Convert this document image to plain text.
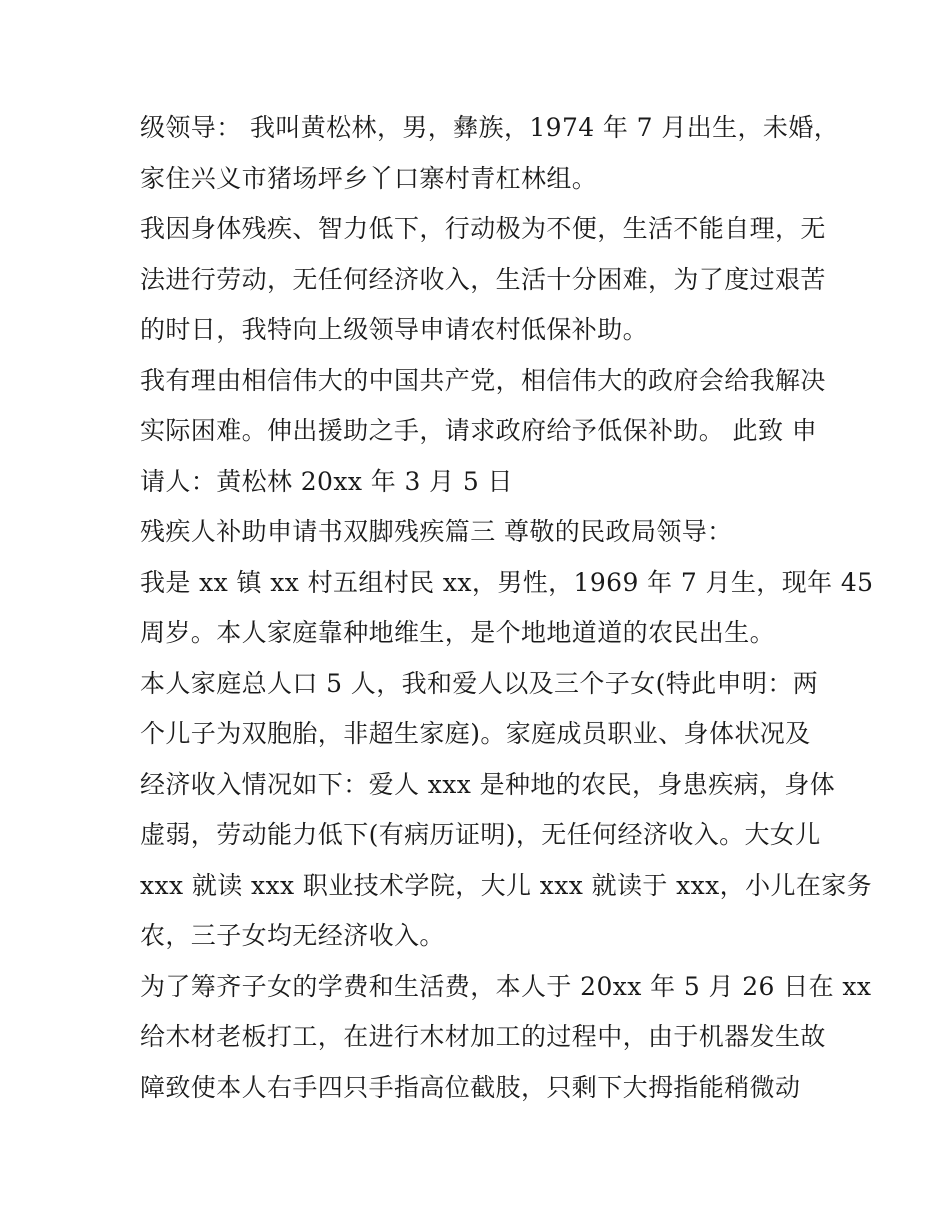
级领导： 我叫黄松林，男，彝族，1974 年 7 月出生，未婚，
家住兴义市猪场坪乡丫口寨村青杠林组。
我因身体残疾、智力低下，行动极为不便，生活不能自理，无
法进行劳动，无任何经济收入，生活十分困难，为了度过艰苦
的时日，我特向上级领导申请农村低保补助。
我有理由相信伟大的中国共产党，相信伟大的政府会给我解决
实际困难。伸出援助之手，请求政府给予低保补助。 此致 申
请人：黄松林 20xx 年 3 月 5 日
残疾人补助申请书双脚残疾篇三 尊敬的民政局领导：
我是 xx 镇 xx 村五组村民 xx，男性，1969 年 7 月生，现年 45
周岁。本人家庭靠种地维生，是个地地道道的农民出生。
本人家庭总人口 5 人，我和爱人以及三个子女(特此申明：两
个儿子为双胞胎，非超生家庭)。家庭成员职业、身体状况及
经济收入情况如下：爱人 xxx 是种地的农民，身患疾病，身体
虚弱，劳动能力低下(有病历证明)，无任何经济收入。大女儿
xxx 就读 xxx 职业技术学院，大儿 xxx 就读于 xxx，小儿在家务
农，三子女均无经济收入。
为了筹齐子女的学费和生活费，本人于 20xx 年 5 月 26 日在 xx
给木材老板打工，在进行木材加工的过程中，由于机器发生故
障致使本人右手四只手指高位截肢，只剩下大拇指能稍微动
